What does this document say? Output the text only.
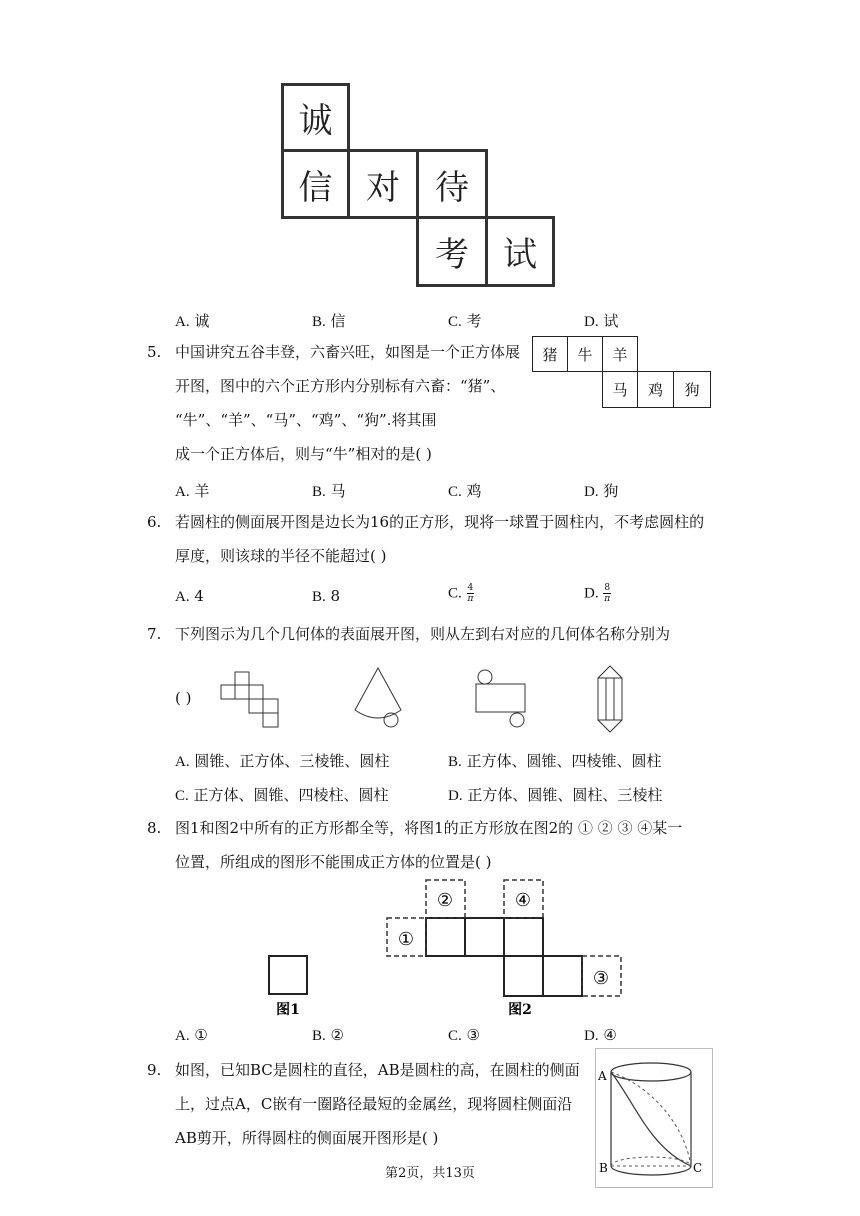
诚
信 对 待
考 试
A. 诚	B. 信	C. 考	D. 试
5. 中国讲究五谷丰登，六畜兴旺，如图是一个正方体展
开图，图中的六个正方形内分别标有六畜：“猪”、
“牛”、“羊”、“马”、“鸡”、“狗”.将其围
成一个正方体后，则与“牛”相对的是( )
猪 牛 羊
马 鸡 狗
A. 羊	B. 马	C. 鸡	D. 狗
6. 若圆柱的侧面展开图是边长为16的正方形，现将一球置于圆柱内，不考虑圆柱的
厚度，则该球的半径不能超过( )
A. 4	B. 8	C. $\frac{4}{\pi}$	D. $\frac{8}{\pi}$
7. 下列图示为几个几何体的表面展开图，则从左到右对应的几何体名称分别为
( )
A. 圆锥、正方体、三棱锥、圆柱	B. 正方体、圆锥、四棱锥、圆柱
C. 正方体、圆锥、四棱柱、圆柱	D. 正方体、圆锥、圆柱、三棱柱
8. 图1和图2中所有的正方形都全等，将图1的正方形放在图2的 ① ② ③ ④某一
位置，所组成的图形不能围成正方体的位置是( )
图1
①
②
③
④
图2
A. ①	B. ②	C. ③	D. ④
9. 如图，已知BC是圆柱的直径，AB是圆柱的高，在圆柱的侧面
上，过点A，C嵌有一圈路径最短的金属丝，现将圆柱侧面沿
AB剪开，所得圆柱的侧面展开图形是( )
A
B	C
第2页，共13页
